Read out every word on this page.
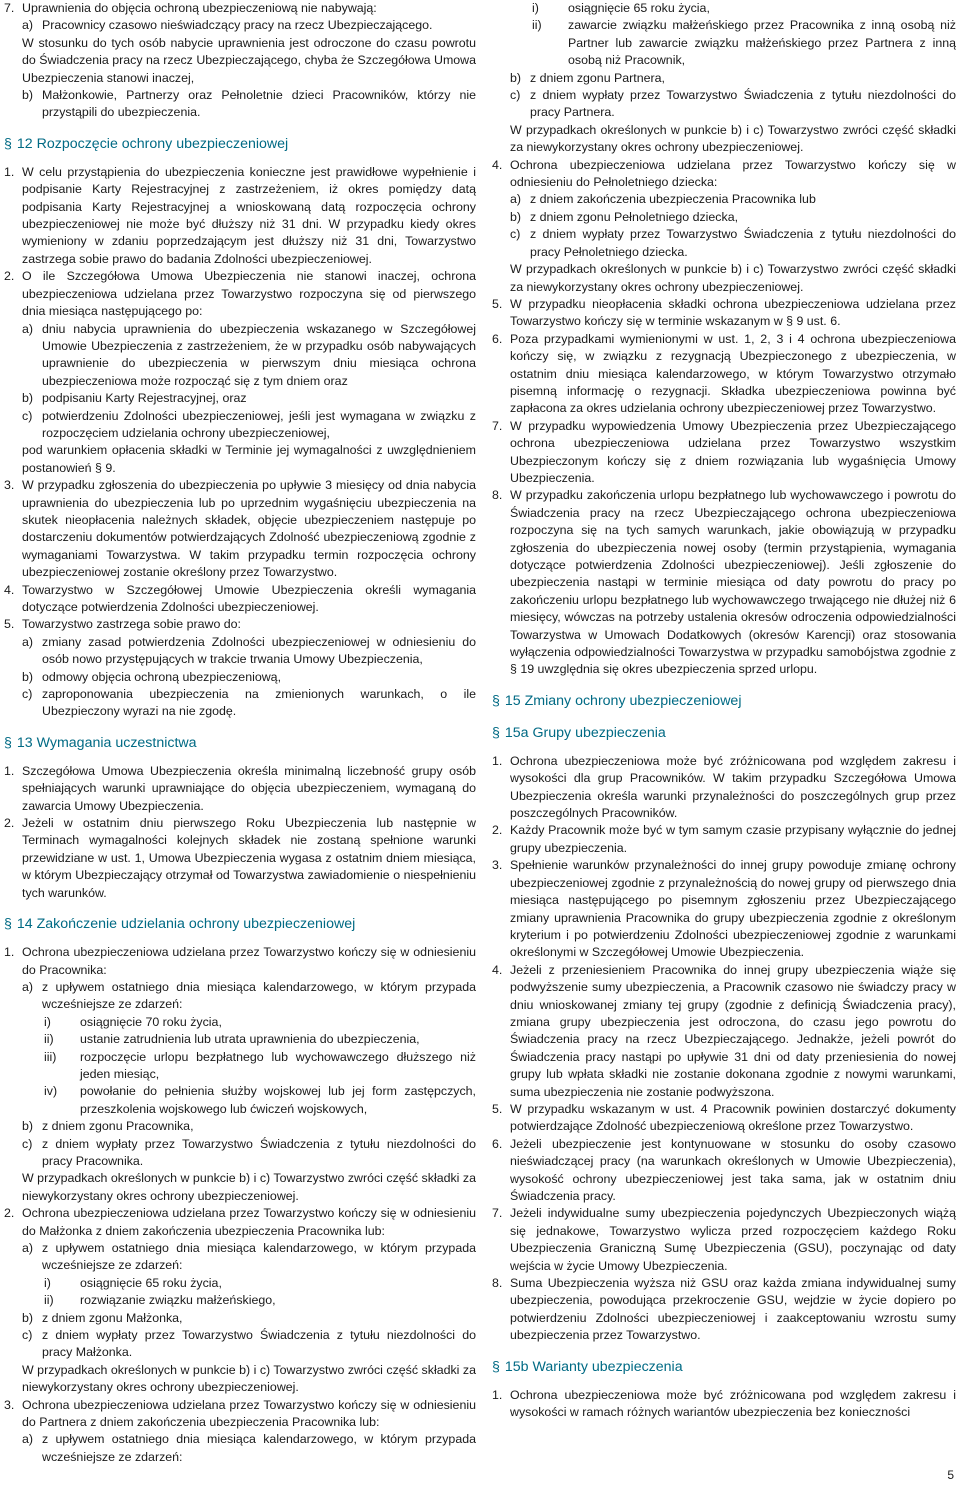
7. Uprawnienia do objęcia ochroną ubezpieczeniową nie nabywają:
a) Pracownicy czasowo nieświadczący pracy na rzecz Ubezpieczającego.
W stosunku do tych osób nabycie uprawnienia jest odroczone do czasu powrotu do Świadczenia pracy na rzecz Ubezpieczającego, chyba że Szczegółowa Umowa Ubezpieczenia stanowi inaczej,
b) Małżonkowie, Partnerzy oraz Pełnoletnie dzieci Pracowników, którzy nie przystąpili do ubezpieczenia.
§ 12 Rozpoczęcie ochrony ubezpieczeniowej
1. W celu przystąpienia do ubezpieczenia konieczne jest prawidłowe wypełnienie i podpisanie Karty Rejestracyjnej z zastrzeżeniem, iż okres pomiędzy datą podpisania Karty Rejestracyjnej a wnioskowaną datą rozpoczęcia ochrony ubezpieczeniowej nie może być dłuższy niż 31 dni. W przypadku kiedy okres wymieniony w zdaniu poprzedzającym jest dłuższy niż 31 dni, Towarzystwo zastrzega sobie prawo do badania Zdolności ubezpieczeniowej.
2. O ile Szczegółowa Umowa Ubezpieczenia nie stanowi inaczej, ochrona ubezpieczeniowa udzielana przez Towarzystwo rozpoczyna się od pierwszego dnia miesiąca następującego po:
a) dniu nabycia uprawnienia do ubezpieczenia wskazanego w Szczegółowej Umowie Ubezpieczenia z zastrzeżeniem, że w przypadku osób nabywających uprawnienie do ubezpieczenia w pierwszym dniu miesiąca ochrona ubezpieczeniowa może rozpocząć się z tym dniem oraz
b) podpisaniu Karty Rejestracyjnej, oraz
c) potwierdzeniu Zdolności ubezpieczeniowej, jeśli jest wymagana w związku z rozpoczęciem udzielania ochrony ubezpieczeniowej,
pod warunkiem opłacenia składki w Terminie jej wymagalności z uwzględnieniem postanowień § 9.
3. W przypadku zgłoszenia do ubezpieczenia po upływie 3 miesięcy od dnia nabycia uprawnienia do ubezpieczenia lub po uprzednim wygaśnięciu ubezpieczenia na skutek nieopłacenia należnych składek, objęcie ubezpieczeniem następuje po dostarczeniu dokumentów potwierdzających Zdolność ubezpieczeniową zgodnie z wymaganiami Towarzystwa. W takim przypadku termin rozpoczęcia ochrony ubezpieczeniowej zostanie określony przez Towarzystwo.
4. Towarzystwo w Szczegółowej Umowie Ubezpieczenia określi wymagania dotyczące potwierdzenia Zdolności ubezpieczeniowej.
5. Towarzystwo zastrzega sobie prawo do:
a) zmiany zasad potwierdzenia Zdolności ubezpieczeniowej w odniesieniu do osób nowo przystępujących w trakcie trwania Umowy Ubezpieczenia,
b) odmowy objęcia ochroną ubezpieczeniową,
c) zaproponowania ubezpieczenia na zmienionych warunkach, o ile Ubezpieczony wyrazi na nie zgodę.
§ 13 Wymagania uczestnictwa
1. Szczegółowa Umowa Ubezpieczenia określa minimalną liczebność grupy osób spełniających warunki uprawniające do objęcia ubezpieczeniem, wymaganą do zawarcia Umowy Ubezpieczenia.
2. Jeżeli w ostatnim dniu pierwszego Roku Ubezpieczenia lub następnie w Terminach wymagalności kolejnych składek nie zostaną spełnione warunki przewidziane w ust. 1, Umowa Ubezpieczenia wygasa z ostatnim dniem miesiąca, w którym Ubezpieczający otrzymał od Towarzystwa zawiadomienie o niespełnieniu tych warunków.
§ 14 Zakończenie udzielania ochrony ubezpieczeniowej
1. Ochrona ubezpieczeniowa udzielana przez Towarzystwo kończy się w odniesieniu do Pracownika:
a) z upływem ostatniego dnia miesiąca kalendarzowego, w którym przypada wcześniejsze ze zdarzeń:
i)	osiągnięcie 70 roku życia,
ii)	ustanie zatrudnienia lub utrata uprawnienia do ubezpieczenia,
iii)	rozpoczęcie urlopu bezpłatnego lub wychowawczego dłuższego niż jeden miesiąc,
iv)	powołanie do pełnienia służby wojskowej lub jej form zastępczych, przeszkolenia wojskowego lub ćwiczeń wojskowych,
b) z dniem zgonu Pracownika,
c) z dniem wypłaty przez Towarzystwo Świadczenia z tytułu niezdolności do pracy Pracownika.
W przypadkach określonych w punkcie b) i c) Towarzystwo zwróci część składki za niewykorzystany okres ochrony ubezpieczeniowej.
2. Ochrona ubezpieczeniowa udzielana przez Towarzystwo kończy się w odniesieniu do Małżonka z dniem zakończenia ubezpieczenia Pracownika lub:
a) z upływem ostatniego dnia miesiąca kalendarzowego, w którym przypada wcześniejsze ze zdarzeń:
i)	osiągnięcie 65 roku życia,
ii)	rozwiązanie związku małżeńskiego,
b) z dniem zgonu Małżonka,
c) z dniem wypłaty przez Towarzystwo Świadczenia z tytułu niezdolności do pracy Małżonka.
W przypadkach określonych w punkcie b) i c) Towarzystwo zwróci część składki za niewykorzystany okres ochrony ubezpieczeniowej.
3. Ochrona ubezpieczeniowa udzielana przez Towarzystwo kończy się w odniesieniu do Partnera z dniem zakończenia ubezpieczenia Pracownika lub:
a) z upływem ostatniego dnia miesiąca kalendarzowego, w którym przypada wcześniejsze ze zdarzeń:
i)	osiągnięcie 65 roku życia,
ii)	zawarcie związku małżeńskiego przez Pracownika z inną osobą niż Partner lub zawarcie związku małżeńskiego przez Partnera z inną osobą niż Pracownik,
b) z dniem zgonu Partnera,
c) z dniem wypłaty przez Towarzystwo Świadczenia z tytułu niezdolności do pracy Partnera.
W przypadkach określonych w punkcie b) i c) Towarzystwo zwróci część składki za niewykorzystany okres ochrony ubezpieczeniowej.
4. Ochrona ubezpieczeniowa udzielana przez Towarzystwo kończy się w odniesieniu do Pełnoletniego dziecka:
a) z dniem zakończenia ubezpieczenia Pracownika lub
b) z dniem zgonu Pełnoletniego dziecka,
c) z dniem wypłaty przez Towarzystwo Świadczenia z tytułu niezdolności do pracy Pełnoletniego dziecka.
W przypadkach określonych w punkcie b) i c) Towarzystwo zwróci część składki za niewykorzystany okres ochrony ubezpieczeniowej.
5. W przypadku nieopłacenia składki ochrona ubezpieczeniowa udzielana przez Towarzystwo kończy się w terminie wskazanym w § 9 ust. 6.
6. Poza przypadkami wymienionymi w ust. 1, 2, 3 i 4 ochrona ubezpieczeniowa kończy się, w związku z rezygnacją Ubezpieczonego z ubezpieczenia, w ostatnim dniu miesiąca kalendarzowego, w którym Towarzystwo otrzymało pisemną informację o rezygnacji. Składka ubezpieczeniowa powinna być zapłacona za okres udzielania ochrony ubezpieczeniowej przez Towarzystwo.
7. W przypadku wypowiedzenia Umowy Ubezpieczenia przez Ubezpieczającego ochrona ubezpieczeniowa udzielana przez Towarzystwo wszystkim Ubezpieczonym kończy się z dniem rozwiązania lub wygaśnięcia Umowy Ubezpieczenia.
8. W przypadku zakończenia urlopu bezpłatnego lub wychowawczego i powrotu do Świadczenia pracy na rzecz Ubezpieczającego ochrona ubezpieczeniowa rozpoczyna się na tych samych warunkach, jakie obowiązują w przypadku zgłoszenia do ubezpieczenia nowej osoby (termin przystąpienia, wymagania dotyczące potwierdzenia Zdolności ubezpieczeniowej). Jeśli zgłoszenie do ubezpieczenia nastąpi w terminie miesiąca od daty powrotu do pracy po zakończeniu urlopu bezpłatnego lub wychowawczego trwającego nie dłużej niż 6 miesięcy, wówczas na potrzeby ustalenia okresów odroczenia odpowiedzialności Towarzystwa w Umowach Dodatkowych (okresów Karencji) oraz stosowania wyłączenia odpowiedzialności Towarzystwa w przypadku samobójstwa zgodnie z § 19 uwzględnia się okres ubezpieczenia sprzed urlopu.
§ 15 Zmiany ochrony ubezpieczeniowej
§ 15a Grupy ubezpieczenia
1. Ochrona ubezpieczeniowa może być zróżnicowana pod względem zakresu i wysokości dla grup Pracowników. W takim przypadku Szczegółowa Umowa Ubezpieczenia określa warunki przynależności do poszczególnych grup przez poszczególnych Pracowników.
2. Każdy Pracownik może być w tym samym czasie przypisany wyłącznie do jednej grupy ubezpieczenia.
3. Spełnienie warunków przynależności do innej grupy powoduje zmianę ochrony ubezpieczeniowej zgodnie z przynależnością do nowej grupy od pierwszego dnia miesiąca następującego po pisemnym zgłoszeniu przez Ubezpieczającego zmiany uprawnienia Pracownika do grupy ubezpieczenia zgodnie z określonym kryterium i po potwierdzeniu Zdolności ubezpieczeniowej zgodnie z warunkami określonymi w Szczegółowej Umowie Ubezpieczenia.
4. Jeżeli z przeniesieniem Pracownika do innej grupy ubezpieczenia wiąże się podwyższenie sumy ubezpieczenia, a Pracownik czasowo nie świadczy pracy w dniu wnioskowanej zmiany tej grupy (zgodnie z definicją Świadczenia pracy), zmiana grupy ubezpieczenia jest odroczona, do czasu jego powrotu do Świadczenia pracy na rzecz Ubezpieczającego. Jednakże, jeżeli powrót do Świadczenia pracy nastąpi po upływie 31 dni od daty przeniesienia do nowej grupy lub wpłata składki nie zostanie dokonana zgodnie z nowymi warunkami, suma ubezpieczenia nie zostanie podwyższona.
5. W przypadku wskazanym w ust. 4 Pracownik powinien dostarczyć dokumenty potwierdzające Zdolność ubezpieczeniową określone przez Towarzystwo.
6. Jeżeli ubezpieczenie jest kontynuowane w stosunku do osoby czasowo nieświadczącej pracy (na warunkach określonych w Umowie Ubezpieczenia), wysokość ochrony ubezpieczeniowej jest taka sama, jak w ostatnim dniu Świadczenia pracy.
7. Jeżeli indywidualne sumy ubezpieczenia pojedynczych Ubezpieczonych wiążą się jednakowe, Towarzystwo wylicza przed rozpoczęciem każdego Roku Ubezpieczenia Graniczną Sumę Ubezpieczenia (GSU), poczynając od daty wejścia w życie Umowy Ubezpieczenia.
8. Suma Ubezpieczenia wyższa niż GSU oraz każda zmiana indywidualnej sumy ubezpieczenia, powodująca przekroczenie GSU, wejdzie w życie dopiero po potwierdzeniu Zdolności ubezpieczeniowej i zaakceptowaniu wzrostu sumy ubezpieczenia przez Towarzystwo.
§ 15b Warianty ubezpieczenia
1. Ochrona ubezpieczeniowa może być zróżnicowana pod względem zakresu i wysokości w ramach różnych wariantów ubezpieczenia bez konieczności
5
